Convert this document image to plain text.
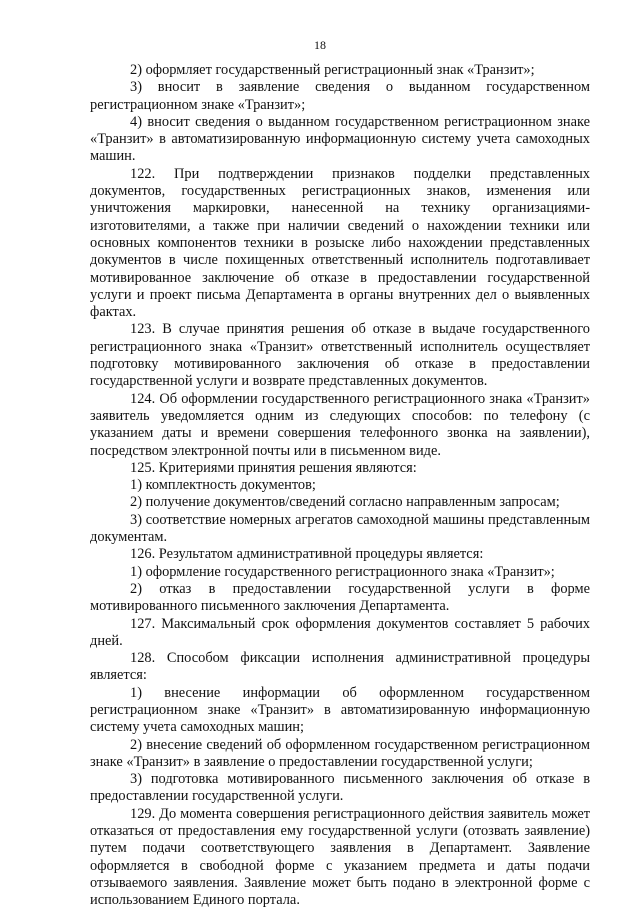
18

2) оформляет государственный регистрационный знак «Транзит»;

3) вносит в заявление сведения о выданном государственном регистрационном знаке «Транзит»;

4) вносит сведения о выданном государственном регистрационном знаке «Транзит» в автоматизированную информационную систему учета самоходных машин.

122. При подтверждении признаков подделки представленных документов, государственных регистрационных знаков, изменения или уничтожения маркировки, нанесенной на технику организациями-изготовителями, а также при наличии сведений о нахождении техники или основных компонентов техники в розыске либо нахождении представленных документов в числе похищенных ответственный исполнитель подготавливает мотивированное заключение об отказе в предоставлении государственной услуги и проект письма Департамента в органы внутренних дел о выявленных фактах.

123. В случае принятия решения об отказе в выдаче государственного регистрационного знака «Транзит» ответственный исполнитель осуществляет подготовку мотивированного заключения об отказе в предоставлении государственной услуги и возврате представленных документов.

124. Об оформлении государственного регистрационного знака «Транзит» заявитель уведомляется одним из следующих способов: по телефону (с указанием даты и времени совершения телефонного звонка на заявлении), посредством электронной почты или в письменном виде.

125. Критериями принятия решения являются:

1) комплектность документов;

2) получение документов/сведений согласно направленным запросам;

3) соответствие номерных агрегатов самоходной машины представленным документам.

126. Результатом административной процедуры является:

1) оформление государственного регистрационного знака «Транзит»;

2) отказ в предоставлении государственной услуги в форме мотивированного письменного заключения Департамента.

127. Максимальный срок оформления документов составляет 5 рабочих дней.

128. Способом фиксации исполнения административной процедуры является:

1) внесение информации об оформленном государственном регистрационном знаке «Транзит» в автоматизированную информационную систему учета самоходных машин;

2) внесение сведений об оформленном государственном регистрационном знаке «Транзит» в заявление о предоставлении государственной услуги;

3) подготовка мотивированного письменного заключения об отказе в предоставлении государственной услуги.

129. До момента совершения регистрационного действия заявитель может отказаться от предоставления ему государственной услуги (отозвать заявление) путем подачи соответствующего заявления в Департамент. Заявление оформляется в свободной форме с указанием предмета и даты подачи отзываемого заявления. Заявление может быть подано в электронной форме с использованием Единого портала.
